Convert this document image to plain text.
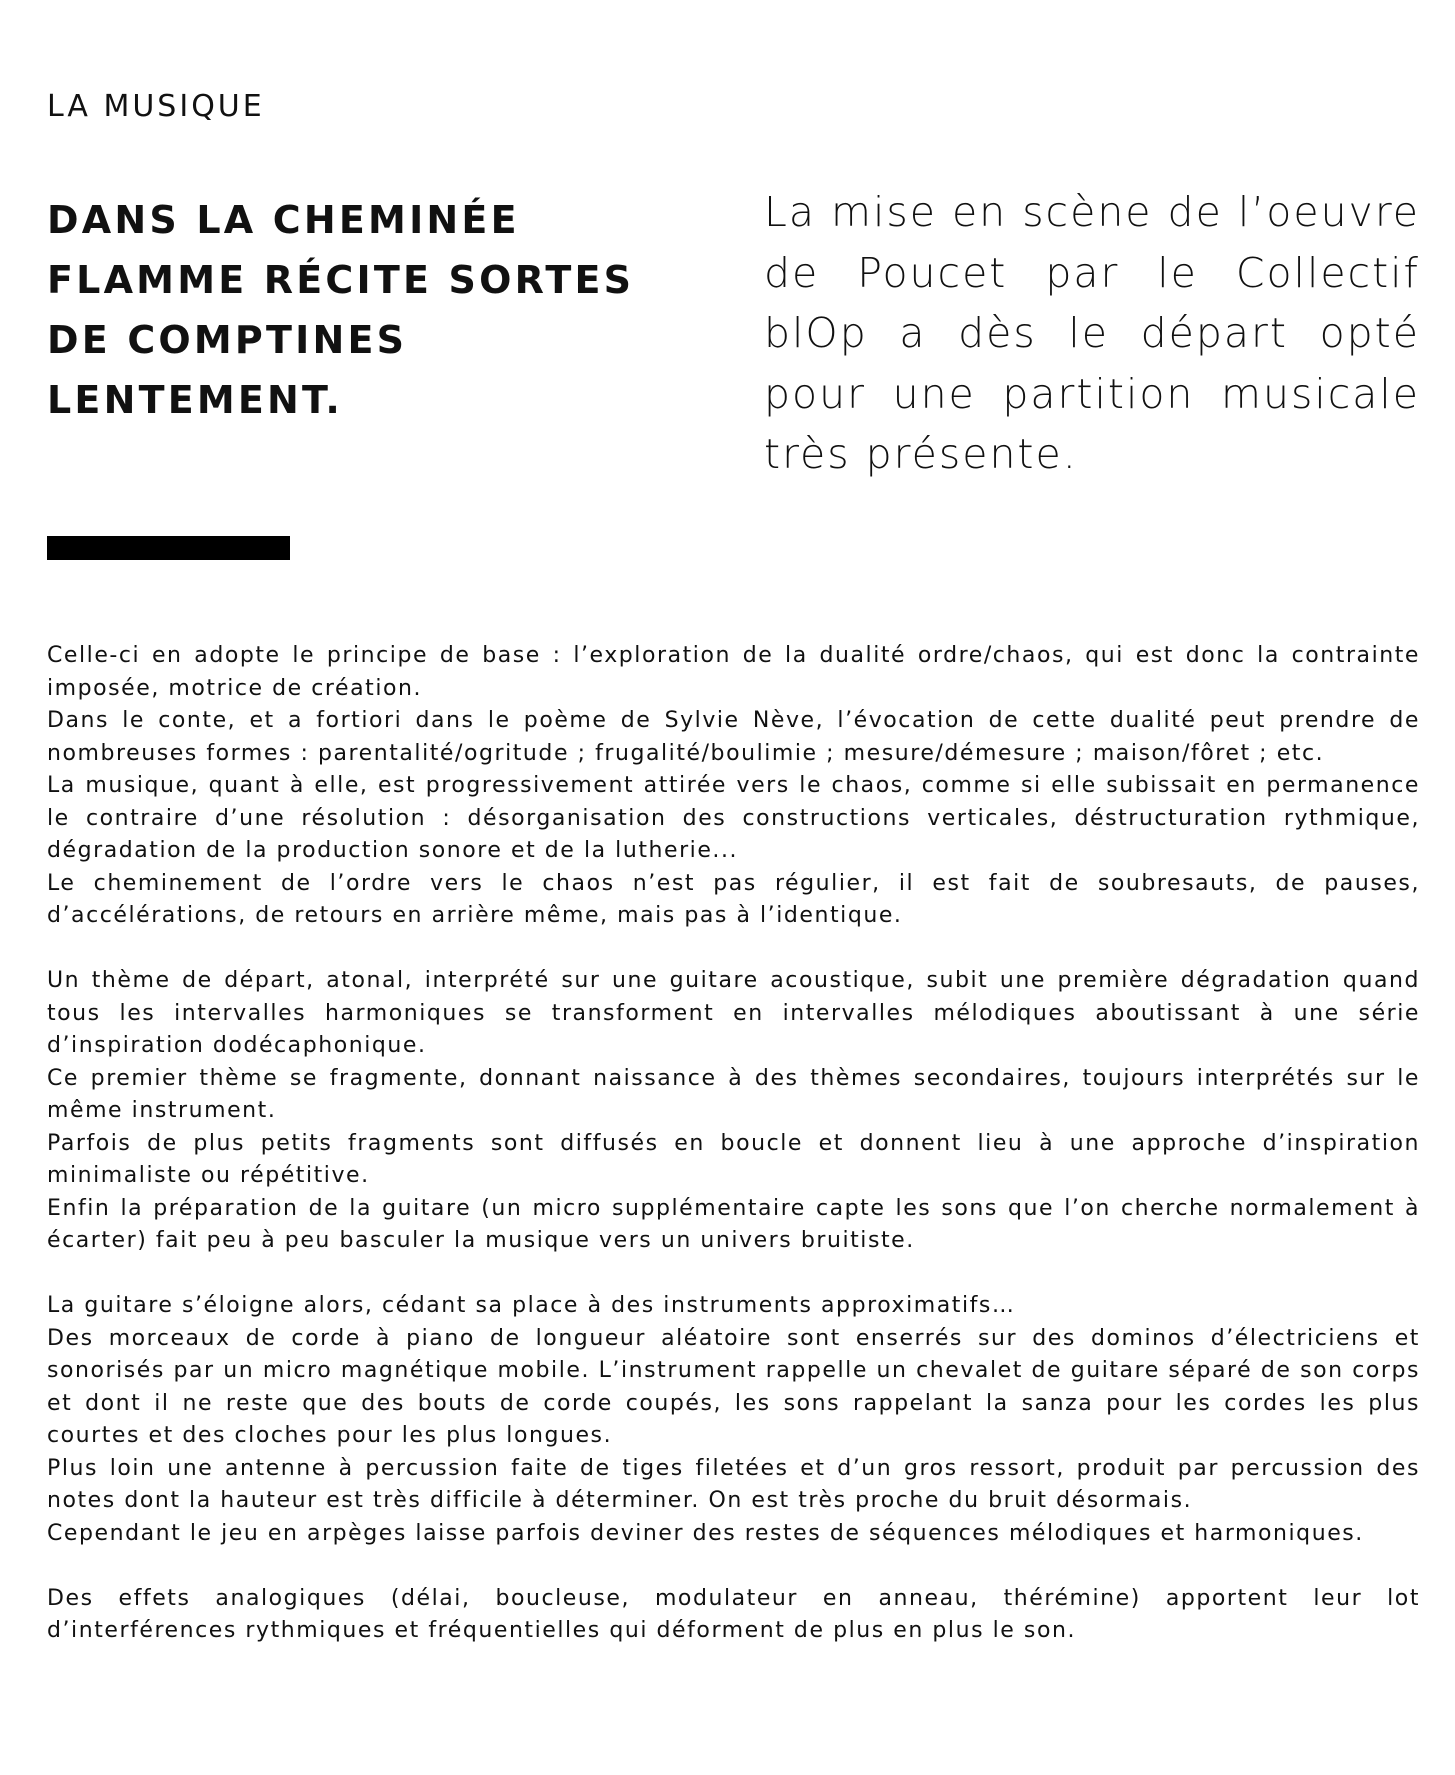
LA MUSIQUE
DANS LA CHEMINÉE FLAMME RÉCITE SORTES DE COMPTINES LENTEMENT.

La mise en scène de l’oeuvre de Poucet par le Collectif blOp a dès le départ opté pour une partition musicale très présente.

Celle-ci en adopte le principe de base : l’exploration de la dualité ordre/chaos, qui est donc la contrainte imposée, motrice de création.

Dans le conte, et a fortiori dans le poème de Sylvie Nève, l’évocation de cette dualité peut prendre de nombreuses formes : parentalité/ogritude ; frugalité/boulimie ; mesure/démesure ; maison/fôret ; etc.

La musique, quant à elle, est progressivement attirée vers le chaos, comme si elle subissait en permanence le contraire d’une résolution : désorganisation des constructions verticales, déstructuration rythmique, dégradation de la production sonore et de la lutherie...

Le cheminement de l’ordre vers le chaos n’est pas régulier, il est fait de soubresauts, de pauses, d’accélérations, de retours en arrière même, mais pas à l’identique.

Un thème de départ, atonal, interprété sur une guitare acoustique, subit une première dégradation quand tous les intervalles harmoniques se transforment en intervalles mélodiques aboutissant à une série d’inspiration dodécaphonique.

Ce premier thème se fragmente, donnant naissance à des thèmes secondaires, toujours interprétés sur le même instrument.

Parfois de plus petits fragments sont diffusés en boucle et donnent lieu à une approche d’inspiration minimaliste ou répétitive.

Enfin la préparation de la guitare (un micro supplémentaire capte les sons que l’on cherche normalement à écarter) fait peu à peu basculer la musique vers un univers bruitiste.

La guitare s’éloigne alors, cédant sa place à des instruments approximatifs…

Des morceaux de corde à piano de longueur aléatoire sont enserrés sur des dominos d’électriciens et sonorisés par un micro magnétique mobile. L’instrument rappelle un chevalet de guitare séparé de son corps et dont il ne reste que des bouts de corde coupés, les sons rappelant la sanza pour les cordes les plus courtes et des cloches pour les plus longues.

Plus loin une antenne à percussion faite de tiges filetées et d’un gros ressort, produit par percussion des notes dont la hauteur est très difficile à déterminer. On est très proche du bruit désormais.

Cependant le jeu en arpèges laisse parfois deviner des restes de séquences mélodiques et harmoniques.

Des effets analogiques (délai, boucleuse, modulateur en anneau, thérémine) apportent leur lot d’interférences rythmiques et fréquentielles qui déforment de plus en plus le son.
